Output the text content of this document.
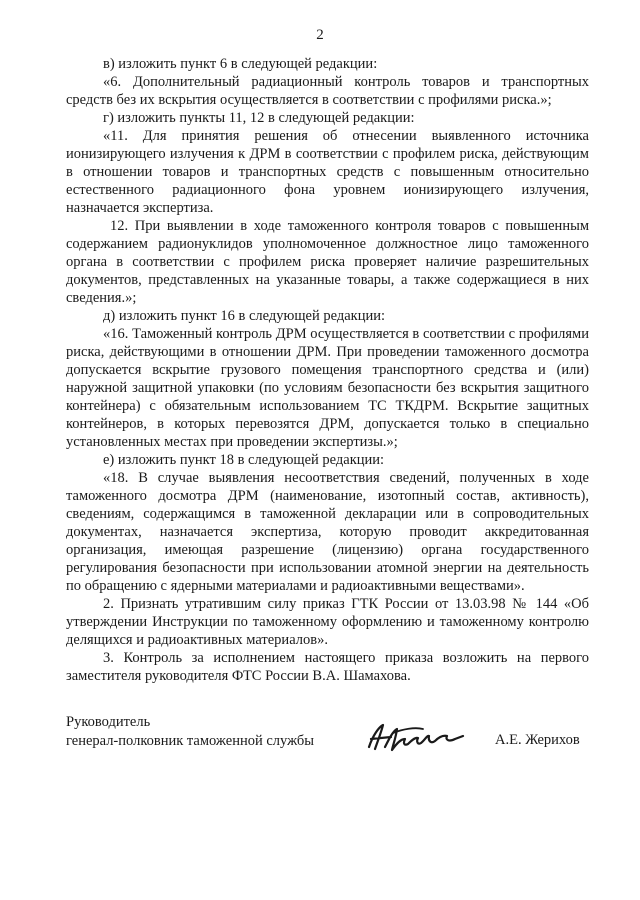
2

в) изложить пункт 6 в следующей редакции:

«6. Дополнительный радиационный контроль товаров и транспортных средств без их вскрытия осуществляется в соответствии с профилями риска.»;

г) изложить пункты 11, 12 в следующей редакции:

«11. Для принятия решения об отнесении выявленного источника ионизирующего излучения к ДРМ в соответствии с профилем риска, действующим в отношении товаров и транспортных средств с повышенным относительно естественного радиационного фона уровнем ионизирующего излучения, назначается экспертиза.

12. При выявлении в ходе таможенного контроля товаров с повышенным содержанием радионуклидов уполномоченное должностное лицо таможенного органа в соответствии с профилем риска проверяет наличие разрешительных документов, представленных на указанные товары, а также содержащиеся в них сведения.»;

д) изложить пункт 16 в следующей редакции:

«16. Таможенный контроль ДРМ осуществляется в соответствии с профилями риска, действующими в отношении ДРМ. При проведении таможенного досмотра допускается вскрытие грузового помещения транспортного средства и (или) наружной защитной упаковки (по условиям безопасности без вскрытия защитного контейнера) с обязательным использованием ТС ТКДРМ. Вскрытие защитных контейнеров, в которых перевозятся ДРМ, допускается только в специально установленных местах при проведении экспертизы.»;

е) изложить пункт 18 в следующей редакции:

«18. В случае выявления несоответствия сведений, полученных в ходе таможенного досмотра ДРМ (наименование, изотопный состав, активность), сведениям, содержащимся в таможенной декларации или в сопроводительных документах, назначается экспертиза, которую проводит аккредитованная организация, имеющая разрешение (лицензию) органа государственного регулирования безопасности при использовании атомной энергии на деятельность по обращению с ядерными материалами и радиоактивными веществами».

2. Признать утратившим силу приказ ГТК России от 13.03.98 № 144 «Об утверждении Инструкции по таможенному оформлению и таможенному контролю делящихся и радиоактивных материалов».

3. Контроль за исполнением настоящего приказа возложить на первого заместителя руководителя ФТС России В.А. Шамахова.

Руководитель
генерал-полковник таможенной службы	А.Е. Жерихов
